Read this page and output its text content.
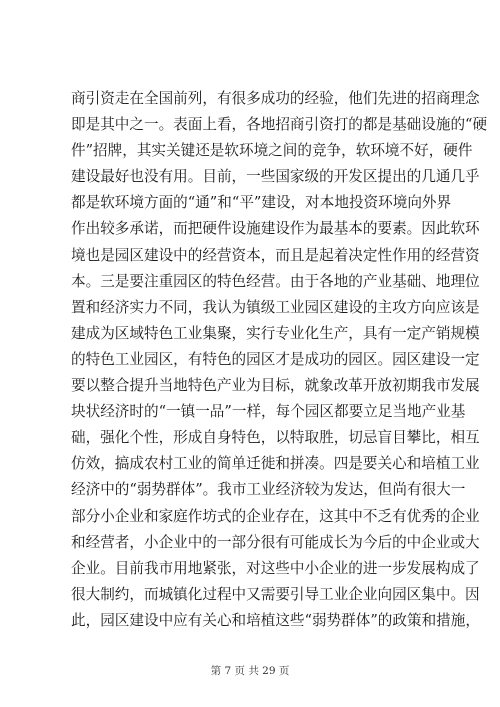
商引资走在全国前列，有很多成功的经验，他们先进的招商理念
即是其中之一。表面上看，各地招商引资打的都是基础设施的“硬
件”招牌，其实关键还是软环境之间的竞争，软环境不好，硬件
建设最好也没有用。目前，一些国家级的开发区提出的几通几乎
都是软环境方面的“通”和“平”建设，对本地投资环境向外界
作出较多承诺，而把硬件设施建设作为最基本的要素。因此软环
境也是园区建设中的经营资本，而且是起着决定性作用的经营资
本。三是要注重园区的特色经营。由于各地的产业基础、地理位
置和经济实力不同，我认为镇级工业园区建设的主攻方向应该是
建成为区域特色工业集聚，实行专业化生产，具有一定产销规模
的特色工业园区，有特色的园区才是成功的园区。园区建设一定
要以整合提升当地特色产业为目标，就象改革开放初期我市发展
块状经济时的“一镇一品”一样，每个园区都要立足当地产业基
础，强化个性，形成自身特色，以特取胜，切忌盲目攀比，相互
仿效，搞成农村工业的简单迁徙和拼凑。四是要关心和培植工业
经济中的“弱势群体”。我市工业经济较为发达，但尚有很大一
部分小企业和家庭作坊式的企业存在，这其中不乏有优秀的企业
和经营者，小企业中的一部分很有可能成长为今后的中企业或大
企业。目前我市用地紧张，对这些中小企业的进一步发展构成了
很大制约，而城镇化过程中又需要引导工业企业向园区集中。因
此，园区建设中应有关心和培植这些“弱势群体”的政策和措施，
第 7 页 共 29 页
